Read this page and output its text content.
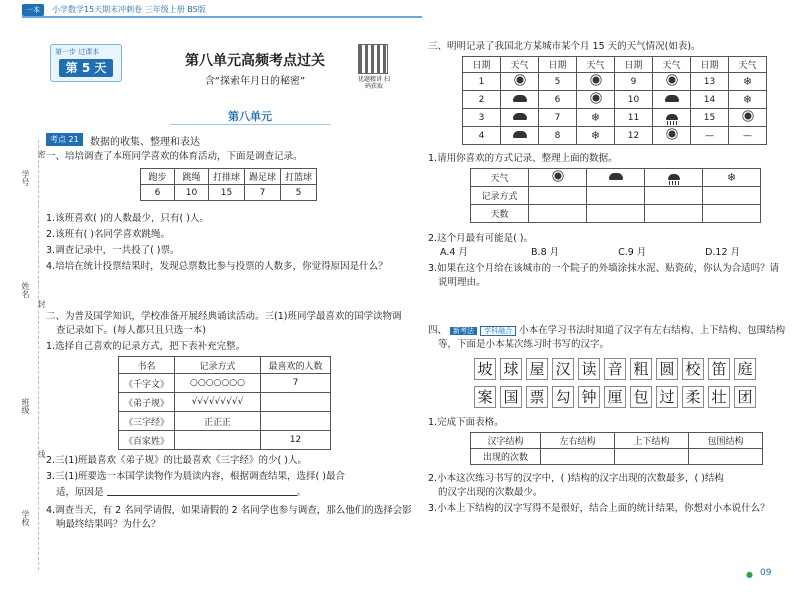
一本	小学数学15天期末冲刺卷 三年级上册 BS版
学号
姓名
班级
学校
密
封
线
第一步 过课本
第 5 天	第八单元高频考点过关
含“探索年月日的秘密”	优题精讲 扫码获取
第八单元
考点 21	数据的收集、整理和表达
一、培培调查了本班同学喜欢的体育活动，下面是调查记录。
跑步	跳绳	打排球	踢足球	打篮球
6	10	15	7	5
1.该班喜欢( )的人数最少，只有( )人。
2.该班有( )名同学喜欢跳绳。
3.调查记录中，一共投了( )票。
4.培培在统计投票结果时，发现总票数比参与投票的人数多，你觉得原因是什么？
二、为普及国学知识，学校准备开展经典诵读活动。三(1)班同学最喜欢的国学读物调
查记录如下。(每人都只且只选一本)
1.选择自己喜欢的记录方式，把下表补充完整。
书名	记录方式	最喜欢的人数
《千字文》	○○○○○○○	7
《弟子规》	√√√√√√√√√	
《三字经》	正正正	
《百家姓》		12
2.三(1)班最喜欢《弟子规》的比最喜欢《三字经》的少( )人。
3.三(1)班要选一本国学读物作为晨读内容，根据调查结果，选择( )最合
适，原因是	。
4.调查当天，有 2 名同学请假，如果请假的 2 名同学也参与调查，那么他们的选择会影
响最终结果吗？为什么？
三、明明记录了我国北方某城市某个月 15 天的天气情况(如表)。
日期	天气	日期	天气	日期	天气	日期	天气
1		5		9		13	❄
2		6		10		14	❄
3		7	❄	11		15	
4		8	❄	12		—	—
1.请用你喜欢的方式记录、整理上面的数据。
天气				❄
记录方式				
天数				
2.这个月最有可能是( )。
A.4 月	B.8 月	C.9 月	D.12 月
3.如果在这个月给在该城市的一个院子的外墙涂抹水泥、贴瓷砖，你认为合适吗？请
说明理由。
四、 新考法 学科融合 小本在学习书法时知道了汉字有左右结构、上下结构、包围结构
等，下面是小本某次练习时书写的汉字。
坡 球 屋 汉 读 音 粗 圆 校 笛 庭
案 国 票 勾 钟 厘 包 过 柔 壮 团
1.完成下面表格。
汉字结构	左右结构	上下结构	包围结构
出现的次数			
2.小本这次练习书写的汉字中，( )结构的汉字出现的次数最多，( )结构
的汉字出现的次数最少。
3.小本上下结构的汉字写得不是很好，结合上面的统计结果，你想对小本说什么？
● 09
